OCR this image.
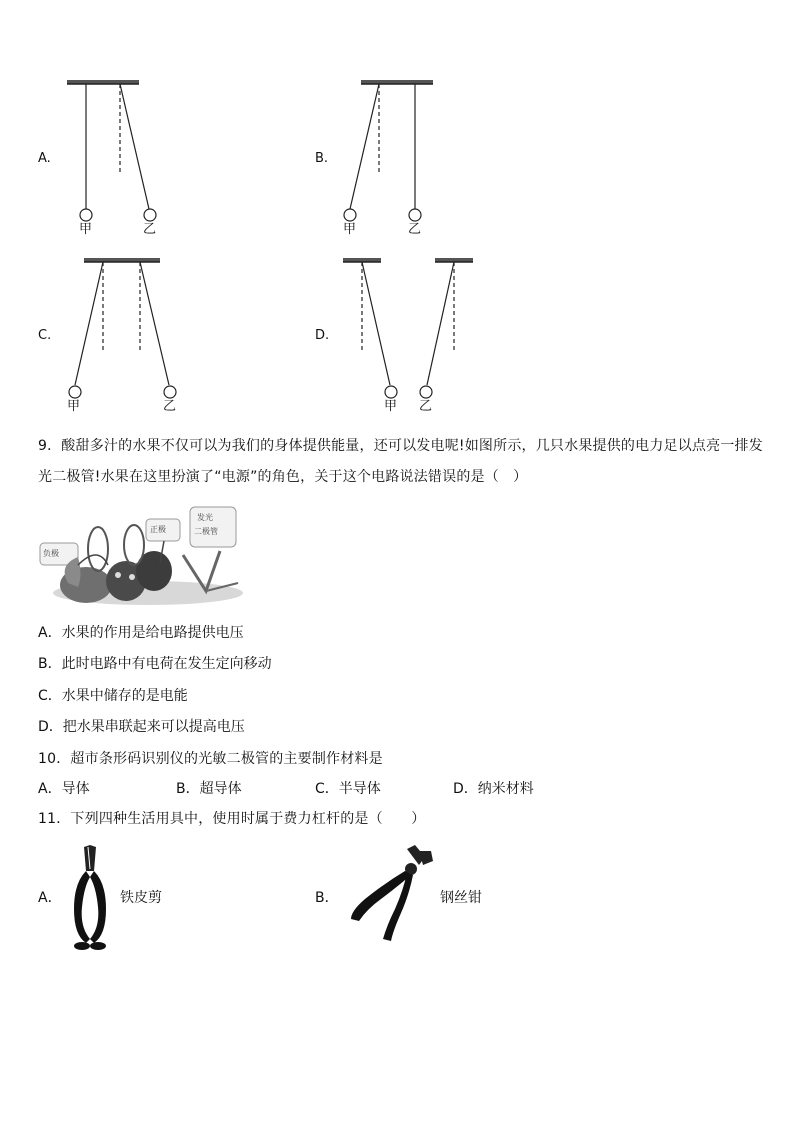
A.
甲	乙
B.
甲	乙
C.
甲	乙
D.
甲 乙
9．酸甜多汁的水果不仅可以为我们的身体提供能量，还可以发电呢!如图所示，几只水果提供的电力足以点亮一排发
光二极管!水果在这里扮演了“电源”的角色，关于这个电路说法错误的是（　）
负极
正极
发光
二极管
A．水果的作用是给电路提供电压
B．此时电路中有电荷在发生定向移动
C．水果中储存的是电能
D．把水果串联起来可以提高电压
10．超市条形码识别仪的光敏二极管的主要制作材料是
A．导体	B．超导体	C．半导体	D．纳米材料
11．下列四种生活用具中，使用时属于费力杠杆的是（　　）
A．	铁皮剪	B．	钢丝钳
